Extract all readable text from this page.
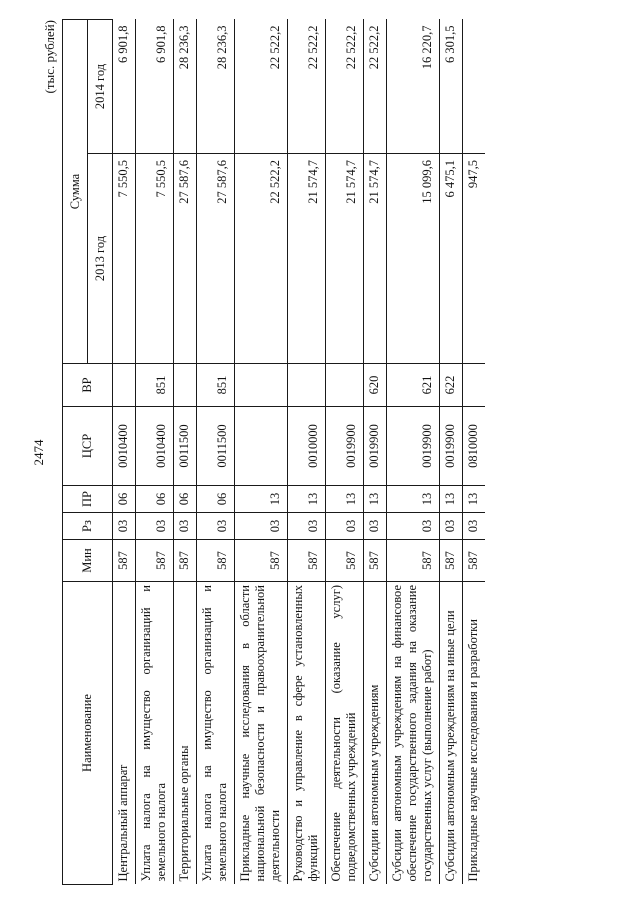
2474
(тыс. рублей)
Наименование	Мин	Рз	ПР	ЦСР	ВР	Сумма	
						2013 год	2014 год
Центральный аппарат	587	03	06	0010400		7 550,5	6 901,8
Уплата налога на имущество организаций и земельного налога	587	03	06	0010400	851	7 550,5	6 901,8
Территориальные органы	587	03	06	0011500		27 587,6	28 236,3
Уплата налога на имущество организаций и земельного налога	587	03	06	0011500	851	27 587,6	28 236,3
Прикладные научные исследования в области национальной безопасности и правоохранительной деятельности	587	03	13			22 522,2	22 522,2
Руководство и управление в сфере установленных функций	587	03	13	0010000		21 574,7	22 522,2
Обеспечение деятельности (оказание услуг) подведомственных учреждений	587	03	13	0019900		21 574,7	22 522,2
Субсидии автономным учреждениям	587	03	13	0019900	620	21 574,7	22 522,2
Субсидии автономным учреждениям на финансовое обеспечение государственного задания на оказание государственных услуг (выполнение работ)	587	03	13	0019900	621	15 099,6	16 220,7
Субсидии автономным учреждениям на иные цели	587	03	13	0019900	622	6 475,1	6 301,5
Прикладные научные исследования и разработки	587	03	13	0810000		947,5	
